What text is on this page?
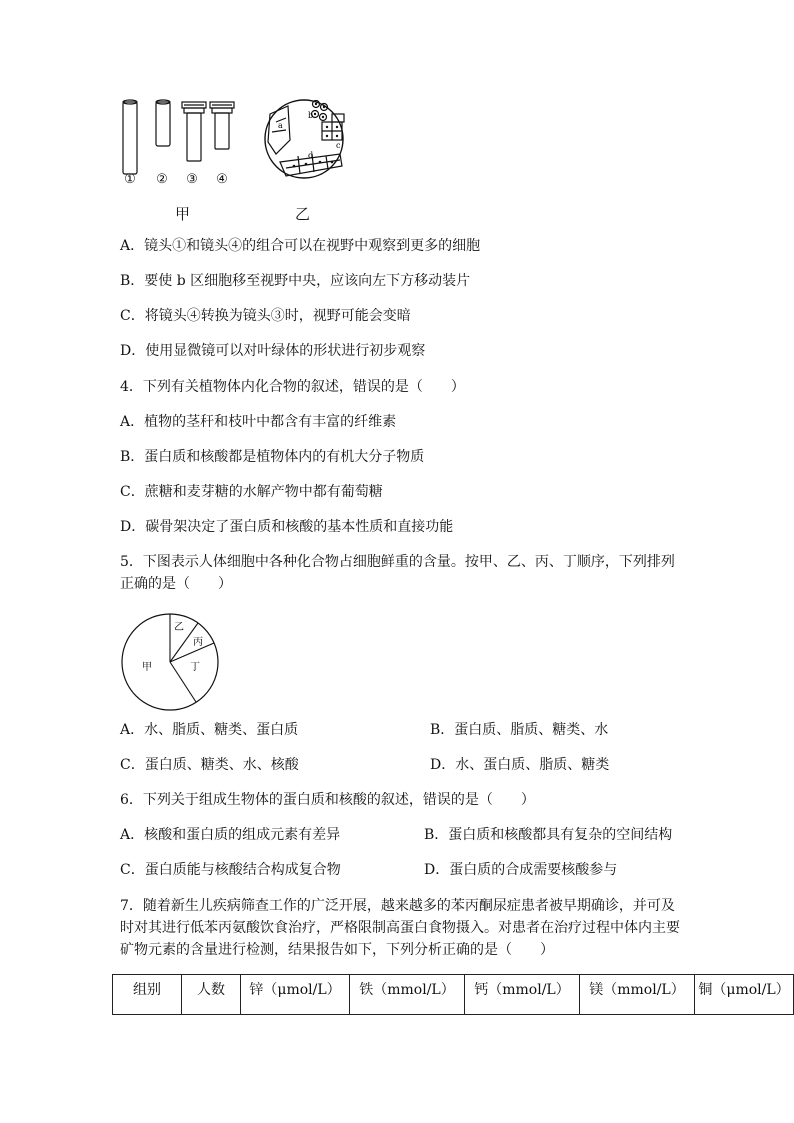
a
b
c
d
① ② ③ ④
甲	乙
A．镜头①和镜头④的组合可以在视野中观察到更多的细胞
B．要使 b 区细胞移至视野中央，应该向左下方移动装片
C．将镜头④转换为镜头③时，视野可能会变暗
D．使用显微镜可以对叶绿体的形状进行初步观察
4．下列有关植物体内化合物的叙述，错误的是（　　）
A．植物的茎秆和枝叶中都含有丰富的纤维素
B．蛋白质和核酸都是植物体内的有机大分子物质
C．蔗糖和麦芽糖的水解产物中都有葡萄糖
D．碳骨架决定了蛋白质和核酸的基本性质和直接功能
5．下图表示人体细胞中各种化合物占细胞鲜重的含量。按甲、乙、丙、丁顺序，下列排列
正确的是（　　）
乙
丙
丁
甲
A．水、脂质、糖类、蛋白质	B．蛋白质、脂质、糖类、水
C．蛋白质、糖类、水、核酸	D．水、蛋白质、脂质、糖类
6．下列关于组成生物体的蛋白质和核酸的叙述，错误的是（　　）
A．核酸和蛋白质的组成元素有差异	B．蛋白质和核酸都具有复杂的空间结构
C．蛋白质能与核酸结合构成复合物	D．蛋白质的合成需要核酸参与
7．随着新生儿疾病筛查工作的广泛开展，越来越多的苯丙酮尿症患者被早期确诊，并可及
时对其进行低苯丙氨酸饮食治疗，严格限制高蛋白食物摄入。对患者在治疗过程中体内主要
矿物元素的含量进行检测，结果报告如下，下列分析正确的是（　　）
组别	人数	锌（μmol/L）	铁（mmol/L）	钙（mmol/L）	镁（mmol/L）	铜（μmol/L）
